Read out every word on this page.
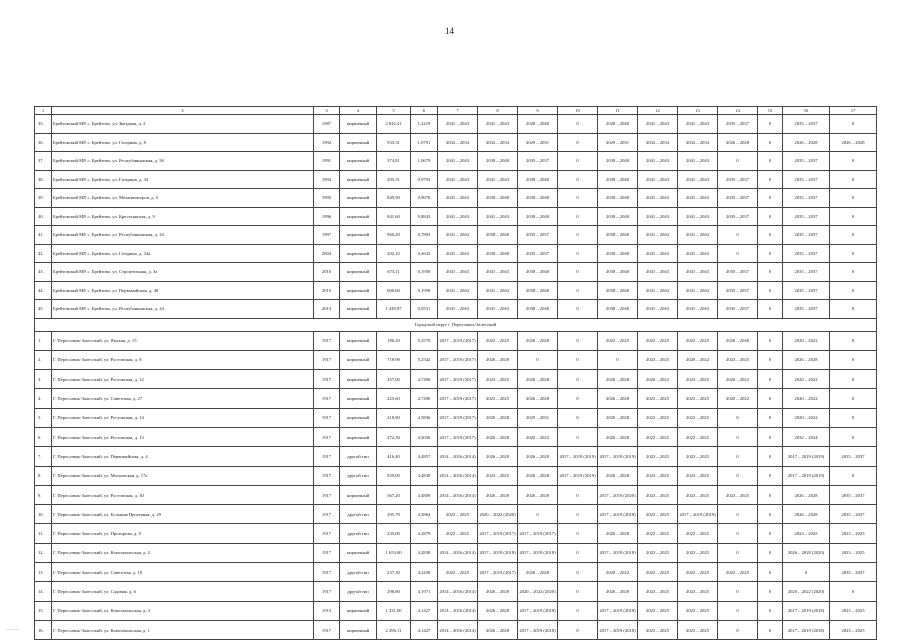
14
1	2	3	4	5	6	7	8	9	10	11	12	13	14	15	16	17
35.	Брейтовский МР, с. Брейтово, ул. Звездная, д. 2	1987	кирпичный	2 842,41	1,2219	2041 – 2043	2041 – 2043	2028 – 2040	0	2028 – 2040	2041 – 2043	2041 – 2043	2035 – 2037	0	2035 – 2037	0
36.	Брейтовский МР, с. Брейтово, ул. Гагарина, д. 8	1992	кирпичный	933,31	1,0791	2032 – 2034	2032 – 2034	2029 – 2031	0	2029 – 2031	2032 – 2034	2032 – 2034	2026 – 2028	0	2026 – 2028	2026 – 2028
37.	Брейтовский МР, с. Брейтово, ул. Республиканская, д. 56	1991	кирпичный	374,81	1,0679	2041 – 2043	2038 – 2040	2035 – 2037	0	2038 – 2040	2041 – 2043	2041 – 2043	0	0	2035 – 2037	0
38.	Брейтовский МР, с. Брейтово, ул. Гагарина, д. 34	1994	кирпичный	295,31	0,9793	2041 – 2043	2041 – 2043	2038 – 2040	0	2038 – 2040	2041 – 2043	2041 – 2043	2035 – 2037	0	2035 – 2037	0
39.	Брейтовский МР, с. Брейтово, ул. Механизаторов, д. 5	1995	кирпичный	849,50	0,9676	2041 – 2043	2038 – 2040	2038 – 2040	0	2038 – 2040	2041 – 2043	2041 – 2043	2035 – 2037	0	2035 – 2037	0
40.	Брейтовский МР, с. Брейтово, ул. Крестьянская, д. 9	1996	кирпичный	841,60	0,8843	2041 – 2043	2041 – 2043	2038 – 2040	0	2038 – 2040	2041 – 2043	2041 – 2043	2035 – 2037	0	2035 – 2037	0
41.	Брейтовский МР, с. Брейтово, ул. Республиканская, д. 24	1997	кирпичный	960,20	0,7893	2041 – 2043	2038 – 2040	2035 – 2037	0	2038 – 2040	2041 – 2043	2041 – 2043	0	0	2035 – 2037	0
42.	Брейтовский МР, с. Брейтово, ул. Гагарина, д. 24а	2004	кирпичный	202,10	0,4632	2041 – 2043	2038 – 2040	2035 – 2037	0	2038 – 2040	2041 – 2043	2041 – 2043	0	0	2035 – 2037	0
43.	Брейтовский МР, с. Брейтово, ул. Строительная, д. 3а	2010	кирпичный	673,11	0,1958	2041 – 2043	2041 – 2043	2038 – 2040	0	2038 – 2040	2041 – 2043	2041 – 2043	2035 – 2037	0	2035 – 2037	0
44.	Брейтовский МР, с. Брейтово, ул. Первомайская, д. 48	2010	кирпичный	600,60	0,1958	2041 – 2043	2041 – 2043	2038 – 2040	0	2038 – 2040	2041 – 2043	2041 – 2043	2035 – 2037	0	2035 – 2037	0
45.	Брейтовский МР, с. Брейтово, ул. Республиканская, д. 24	2013	кирпичный	1 449,97	0,0531	2041 – 2043	2041 – 2043	2038 – 2040	0	2038 – 2040	2041 – 2043	2041 – 2043	2035 – 2037	0	2035 – 2037	0
Городской округ г. Переславль-Залесский																
1.	Г. Переславль-Залесский, ул. Ямская, д. 15	1917	кирпичный	186,20	5,3579	2017 – 2019 (2017)	2023 – 2025	2026 – 2028	0	2023 – 2025	2023 – 2025	2023 – 2025	2026 – 2040	0	2020 – 2022	0
2.	Г. Переславль-Залесский, ул. Ростовская, д. 8	1917	кирпичный	718,98	5,2542	2017 – 2019 (2017)	2026 – 2028	0	0	0	2023 – 2025	2020 – 2022	2023 – 2025	0	2026 – 2028	0
3.	Г. Переславль-Залесский, ул. Ростовская, д. 12	1917	кирпичный	357,00	4,7496	2017 – 2019 (2017)	2023 – 2025	2026 – 2028	0	2026 – 2028	2020 – 2022	2023 – 2025	2020 – 2022	0	2020 – 2022	0
4.	Г. Переславль-Залесский, ул. Советская, д. 27	1917	кирпичный	225,60	4,7490	2017 – 2019 (2017)	2023 – 2025	2026 – 2028	0	2026 – 2028	2023 – 2025	2023 – 2025	2020 – 2022	0	2020 – 2022	0
5.	Г. Переславль-Залесский, ул. Ростовская, д. 14	1917	кирпичный	218,80	4,5836	2017 – 2019 (2017)	2026 – 2028	2029 – 2031	0	2026 – 2028	2023 – 2025	2023 – 2025	0	0	2020 – 2022	0
6.	Г. Переславль-Залесский, ул. Ростовская, д. 13	1917	кирпичный	472,30	4,5036	2017 – 2019 (2017)	2026 – 2028	2020 – 2022	0	2026 – 2028	2023 – 2025	2023 – 2025	0	0	2032 – 2034	0
7.	Г. Переславль-Залесский, ул. Первомайская, д. 4	1917	другой тип	416,40	4,4857	2014 – 2016 (2014)	2026 – 2028	2026 – 2028	2017 – 2019 (2019)	2017 – 2019 (2019)	2023 – 2025	2023 – 2025	0	0	2017 – 2019 (2019)	2035 – 2037
8.	Г. Переславль-Залесский, ул. Московская, д. 17а	1917	другой тип	839,00	4,4838	2014 – 2016 (2014)	2023 – 2025	2026 – 2028	2017 – 2019 (2019)	2026 – 2028	2023 – 2025	2023 – 2025	0	0	2017 – 2019 (2019)	0
9.	Г. Переславль-Залесский, ул. Ростовская, д. 30	1917	кирпичный	367,20	4,4809	2014 – 2016 (2014)	2026 – 2028	2026 – 2028	0	2017 – 2019 (2020)	2023 – 2025	2023 – 2025	2023 – 2025	0	2026 – 2028	2035 – 2037
10.	Г. Переславль-Залесский, ул. Большая Протечная, д. 29	1917	другой тип	295,79	4,3864	2023 – 2025	2020 – 2022 (2020)	0	0	2017 – 2019 (2018)	2023 – 2025	2017 – 2019 (2019)	0	0	2026 – 2028	2035 – 2037
11.	Г. Переславль-Залесский, ул. Прохорова, д. 8	1917	другой тип	235,00	4,2879	2023 – 2025	2017 – 2019 (2017)	2017 – 2019 (2017)	0	2026 – 2028	2023 – 2025	2023 – 2025	0	0	2023 – 2025	2023 – 2025
12.	Г. Переславль-Залесский, ул. Комсомольская, д. 2	1917	кирпичный	1 653,00	4,2838	2014 – 2016 (2014)	2017 – 2019 (2018)	2017 – 2019 (2018)	0	2017 – 2019 (2018)	2023 – 2025	2023 – 2025	0	0	2026 – 2028 (2020)	2023 – 2025
13.	Г. Переславль-Залесский, ул. Советская, д. 10	1917	другой тип	237,30	4,2438	2023 – 2025	2017 – 2019 (2017)	2026 – 2028	0	2020 – 2022	2023 – 2025	2023 – 2025	2023 – 2025	0	0	2035 – 2037
14.	Г. Переславль-Залесский, ул. Садовая, д. 6	1917	другой тип	298,80	4,1971	2014 – 2016 (2014)	2026 – 2028	2020 – 2022 (2020)	0	2026 – 2028	2023 – 2025	2023 – 2025	0	0	2020 – 2022 (2020)	0
15.	Г. Переславль-Залесский, ул. Комсомольская, д. 3	1913	кирпичный	1 331,00	4,1427	2014 – 2016 (2014)	2026 – 2028	2017 – 2019 (2018)	0	2017 – 2019 (2018)	2023 – 2025	2023 – 2025	0	0	2017 – 2019 (2018)	2023 – 2025
16.	Г. Переславль-Залесский, ул. Комсомольская, д. 1	1917	кирпичный	2 296,11	4,1427	2014 – 2016 (2014)	2026 – 2028	2017 – 2019 (2018)	0	2017 – 2019 (2018)	2023 – 2025	2023 – 2025	0	0	2017 – 2019 (2018)	2023 – 2025
———
